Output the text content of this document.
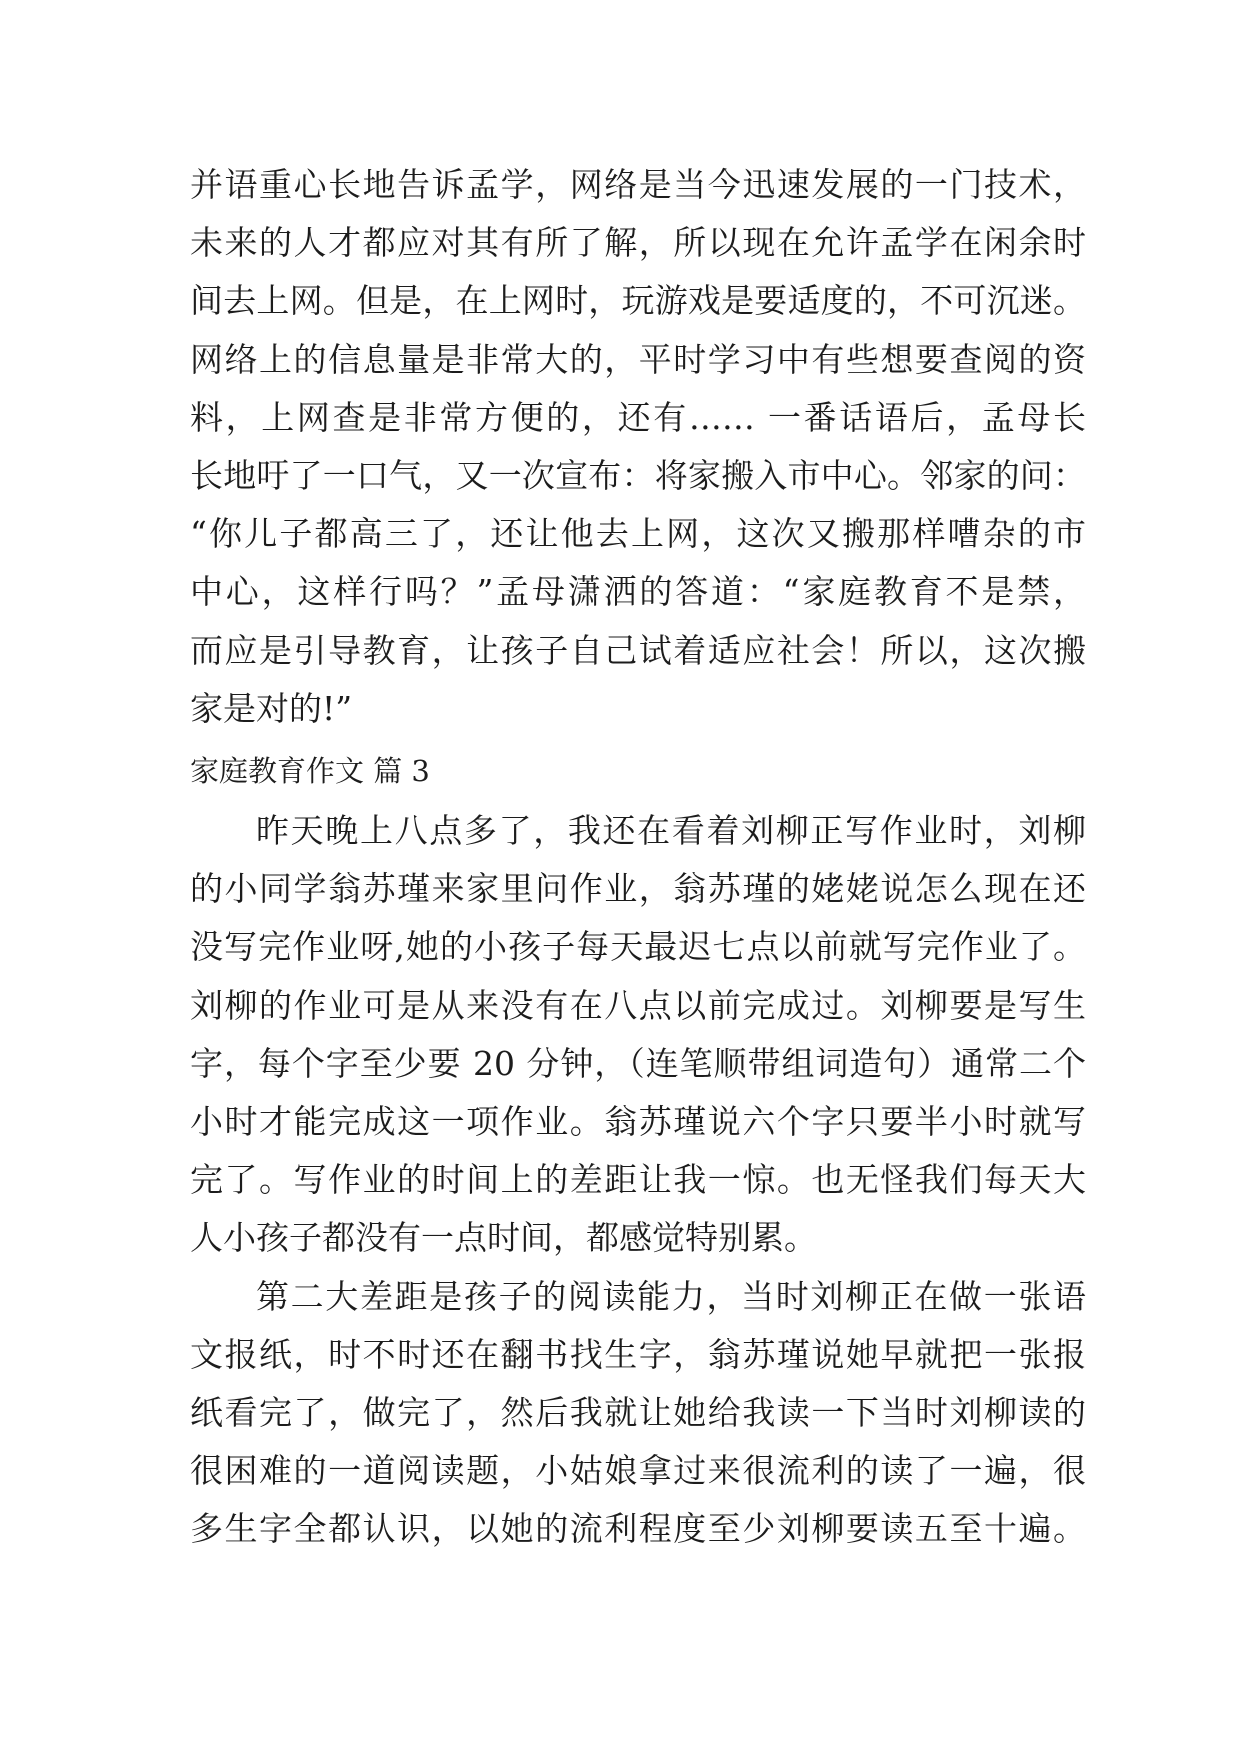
并语重心长地告诉孟学，网络是当今迅速发展的一门技术，
未来的人才都应对其有所了解，所以现在允许孟学在闲余时
间去上网。但是，在上网时，玩游戏是要适度的，不可沉迷。
网络上的信息量是非常大的，平时学习中有些想要查阅的资
料，上网查是非常方便的，还有…… 一番话语后，孟母长
长地吁了一口气，又一次宣布：将家搬入市中心。邻家的问：
“你儿子都高三了，还让他去上网，这次又搬那样嘈杂的市
中心，这样行吗？”孟母潇洒的答道：“家庭教育不是禁，
而应是引导教育，让孩子自己试着适应社会！所以，这次搬
家是对的!”
家庭教育作文 篇 3
昨天晚上八点多了，我还在看着刘柳正写作业时，刘柳
的小同学翁苏瑾来家里问作业，翁苏瑾的姥姥说怎么现在还
没写完作业呀,她的小孩子每天最迟七点以前就写完作业了。
刘柳的作业可是从来没有在八点以前完成过。刘柳要是写生
字，每个字至少要 20 分钟，（连笔顺带组词造句）通常二个
小时才能完成这一项作业。翁苏瑾说六个字只要半小时就写
完了。写作业的时间上的差距让我一惊。也无怪我们每天大
人小孩子都没有一点时间，都感觉特别累。
第二大差距是孩子的阅读能力，当时刘柳正在做一张语
文报纸，时不时还在翻书找生字，翁苏瑾说她早就把一张报
纸看完了，做完了，然后我就让她给我读一下当时刘柳读的
很困难的一道阅读题，小姑娘拿过来很流利的读了一遍，很
多生字全都认识，以她的流利程度至少刘柳要读五至十遍。
